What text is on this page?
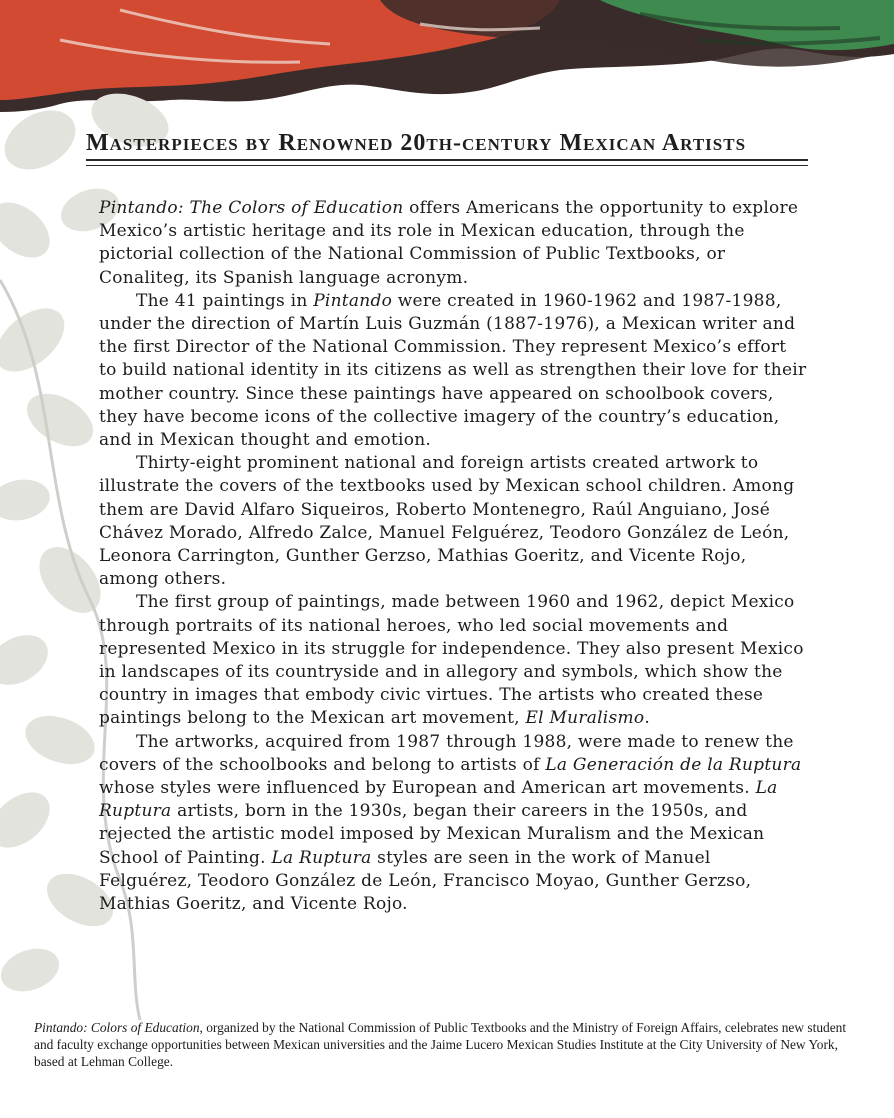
Masterpieces by Renowned 20th-century Mexican Artists

Pintando: The Colors of Education offers Americans the opportunity to explore Mexico’s artistic heritage and its role in Mexican education, through the pictorial collection of the National Commission of Public Textbooks, or Conaliteg, its Spanish language acronym.

The 41 paintings in Pintando were created in 1960-1962 and 1987-1988, under the direction of Martín Luis Guzmán (1887-1976), a Mexican writer and the first Director of the National Commission. They represent Mexico’s effort to build national identity in its citizens as well as strengthen their love for their mother country. Since these paintings have appeared on schoolbook covers, they have become icons of the collective imagery of the country’s education, and in Mexican thought and emotion.

Thirty-eight prominent national and foreign artists created artwork to illustrate the covers of the textbooks used by Mexican school children. Among them are David Alfaro Siqueiros, Roberto Montenegro, Raúl Anguiano, José Chávez Morado, Alfredo Zalce, Manuel Felguérez, Teodoro González de León, Leonora Carrington, Gunther Gerzso, Mathias Goeritz, and Vicente Rojo, among others.

The first group of paintings, made between 1960 and 1962, depict Mexico through portraits of its national heroes, who led social movements and represented Mexico in its struggle for independence. They also present Mexico in landscapes of its countryside and in allegory and symbols, which show the country in images that embody civic virtues. The artists who created these paintings belong to the Mexican art movement, El Muralismo.

The artworks, acquired from 1987 through 1988, were made to renew the covers of the schoolbooks and belong to artists of La Generación de la Ruptura whose styles were influenced by European and American art movements. La Ruptura artists, born in the 1930s, began their careers in the 1950s, and rejected the artistic model imposed by Mexican Muralism and the Mexican School of Painting. La Ruptura styles are seen in the work of Manuel Felguérez, Teodoro González de León, Francisco Moyao, Gunther Gerzso, Mathias Goeritz, and Vicente Rojo.

Pintando: Colors of Education, organized by the National Commission of Public Textbooks and the Ministry of Foreign Affairs, celebrates new student and faculty exchange opportunities between Mexican universities and the Jaime Lucero Mexican Studies Institute at the City University of New York, based at Lehman College.
